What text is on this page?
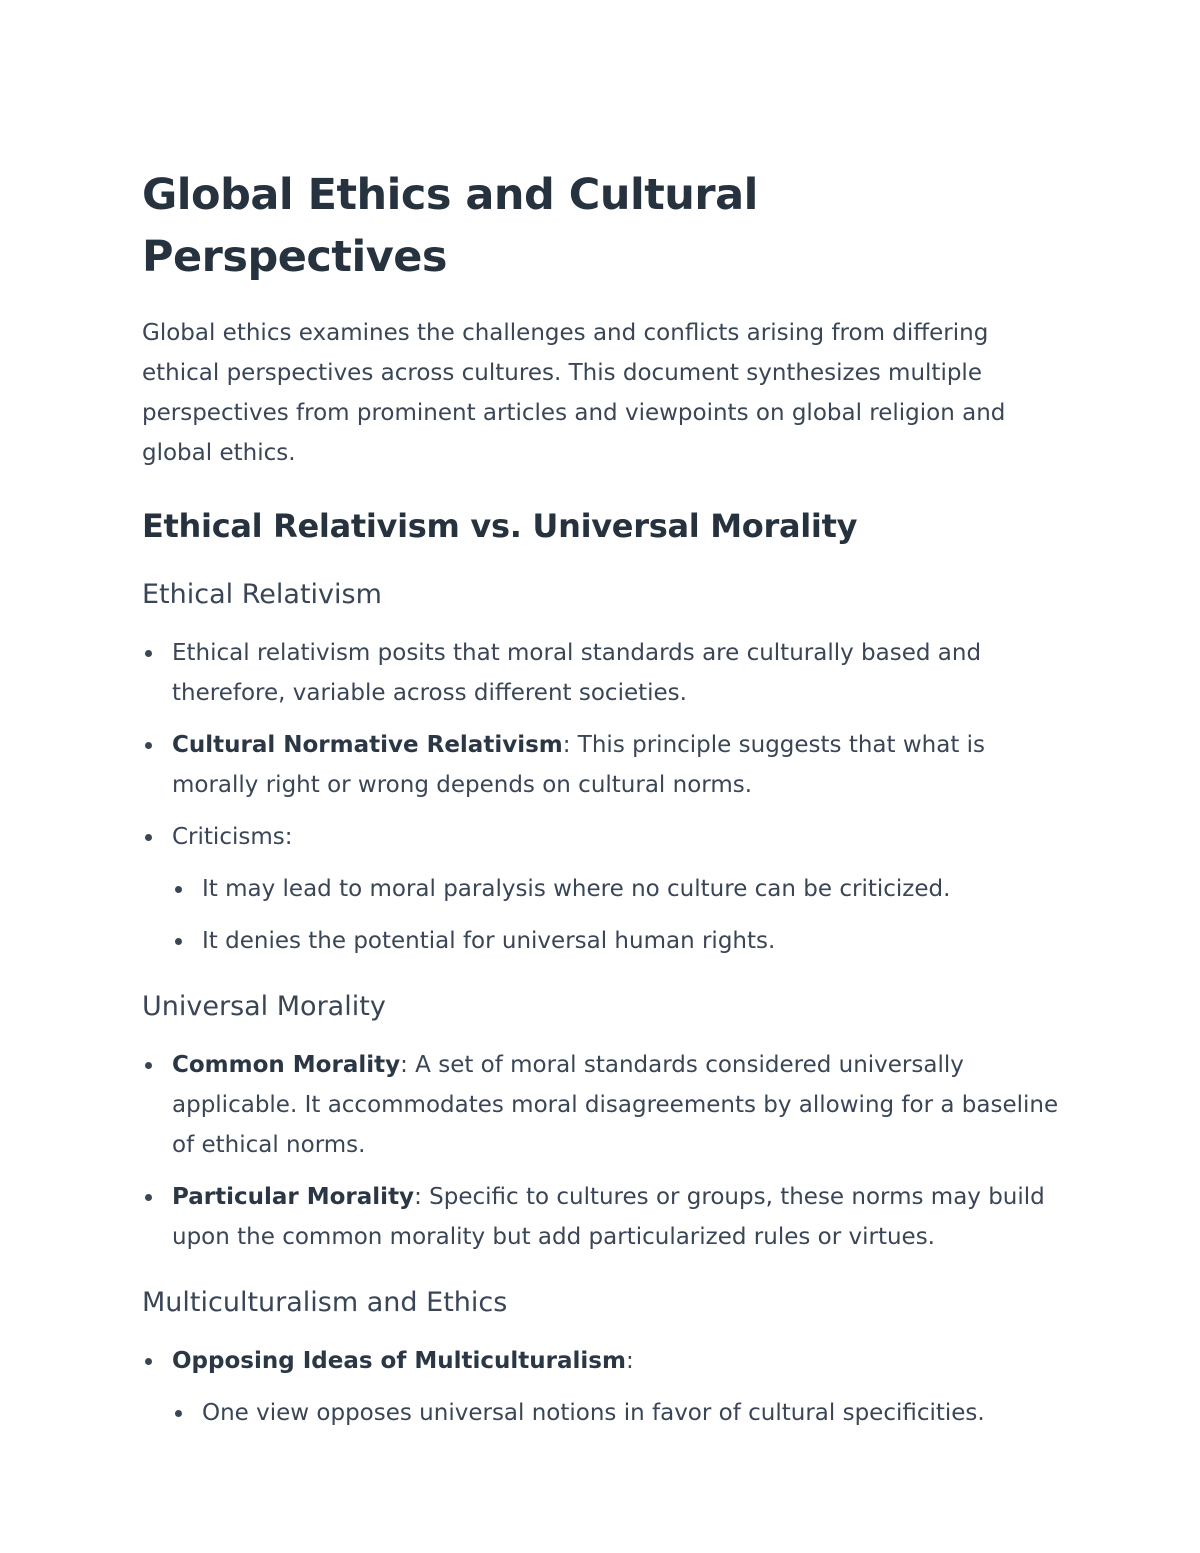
Global Ethics and Cultural Perspectives

Global ethics examines the challenges and conflicts arising from differing ethical perspectives across cultures. This document synthesizes multiple perspectives from prominent articles and viewpoints on global religion and global ethics.

Ethical Relativism vs. Universal Morality
Ethical Relativism
Ethical relativism posits that moral standards are culturally based and therefore, variable across different societies.
Cultural Normative Relativism: This principle suggests that what is morally right or wrong depends on cultural norms.
Criticisms:
It may lead to moral paralysis where no culture can be criticized.
It denies the potential for universal human rights.
Universal Morality
Common Morality: A set of moral standards considered universally applicable. It accommodates moral disagreements by allowing for a baseline of ethical norms.
Particular Morality: Specific to cultures or groups, these norms may build upon the common morality but add particularized rules or virtues.
Multiculturalism and Ethics
Opposing Ideas of Multiculturalism:
One view opposes universal notions in favor of cultural specificities.
